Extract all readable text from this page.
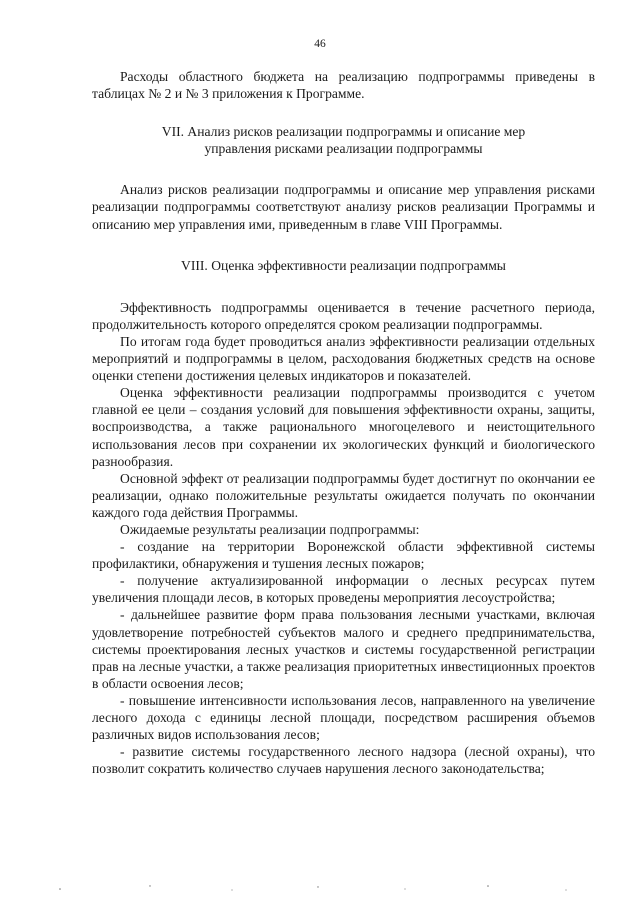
46

Расходы областного бюджета на реализацию подпрограммы приведены в таблицах № 2 и № 3 приложения к Программе.

VII. Анализ рисков реализации подпрограммы и описание мер управления рисками реализации подпрограммы

Анализ рисков реализации подпрограммы и описание мер управления рисками реализации подпрограммы соответствуют анализу рисков реализации Программы и описанию мер управления ими, приведенным в главе VIII Программы.

VIII. Оценка эффективности реализации подпрограммы

Эффективность подпрограммы оценивается в течение расчетного периода, продолжительность которого определятся сроком реализации подпрограммы.

По итогам года будет проводиться анализ эффективности реализации отдельных мероприятий и подпрограммы в целом, расходования бюджетных средств на основе оценки степени достижения целевых индикаторов и показателей.

Оценка эффективности реализации подпрограммы производится с учетом главной ее цели – создания условий для повышения эффективности охраны, защиты, воспроизводства, а также рационального многоцелевого и неистощительного использования лесов при сохранении их экологических функций и биологического разнообразия.

Основной эффект от реализации подпрограммы будет достигнут по окончании ее реализации, однако положительные результаты ожидается получать по окончании каждого года действия Программы.

Ожидаемые результаты реализации подпрограммы:

- создание на территории Воронежской области эффективной системы профилактики, обнаружения и тушения лесных пожаров;

- получение актуализированной информации о лесных ресурсах путем увеличения площади лесов, в которых проведены мероприятия лесоустройства;

- дальнейшее развитие форм права пользования лесными участками, включая удовлетворение потребностей субъектов малого и среднего предпринимательства, системы проектирования лесных участков и системы государственной регистрации прав на лесные участки, а также реализация приоритетных инвестиционных проектов в области освоения лесов;

- повышение интенсивности использования лесов, направленного на увеличение лесного дохода с единицы лесной площади, посредством расширения объемов различных видов использования лесов;

- развитие системы государственного лесного надзора (лесной охраны), что позволит сократить количество случаев нарушения лесного законодательства;
